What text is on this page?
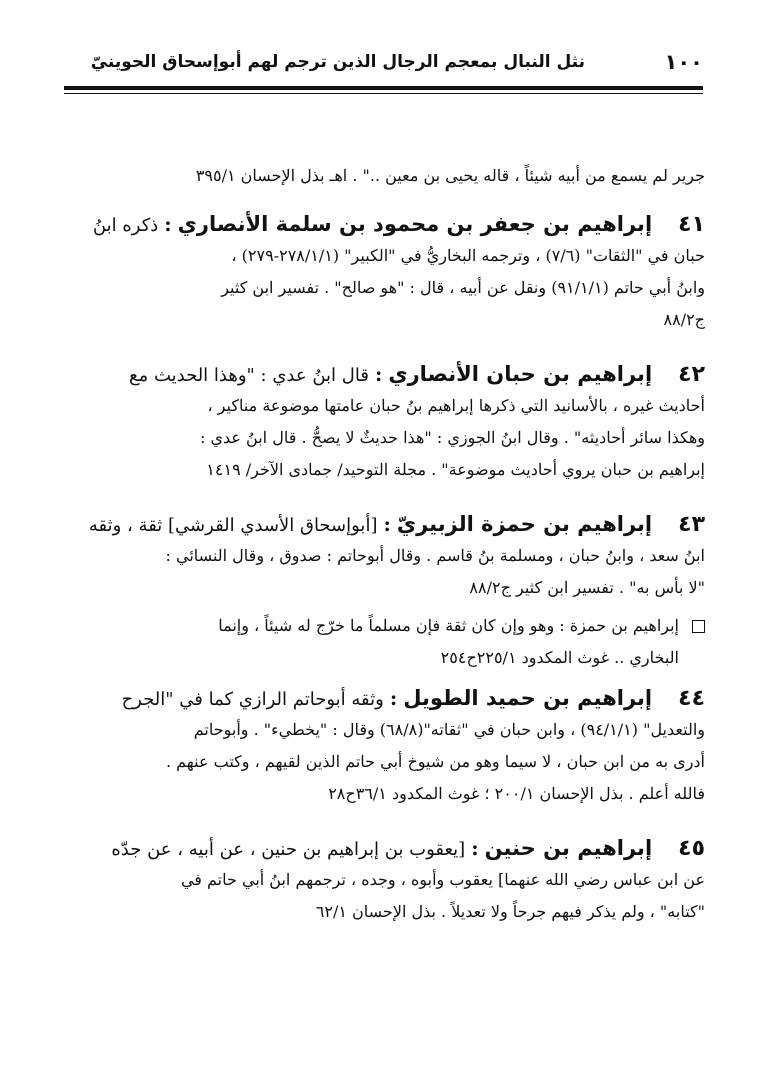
١٠٠
نثل النبال بمعجم الرجال الذين ترجم لهم أبوإسحاق الحوينيّ
جرير لم يسمع من أبيه شيئاً ، قاله يحيى بن معين .." . اهـ بذل الإحسان ٣٩٥/١
٤١إبراهيم بن جعفر بن محمود بن سلمة الأنصاري:ذكره ابنُ
حبان في "الثقات" (٧/٦) ، وترجمه البخاريُّ في "الكبير" (٢٧٨/١/١-٢٧٩) ،
وابنُ أبي حاتم (٩١/١/١) ونقل عن أبيه ، قال : "هو صالح" . تفسير ابن كثير
ج٨٨/٢
٤٢إبراهيم بن حبان الأنصاري:قال ابنُ عدي : "وهذا الحديث مع
أحاديث غيره ، بالأسانيد التي ذكرها إبراهيم بنُ حبان عامتها موضوعة مناكير ،
وهكذا سائر أحاديثه" . وقال ابنُ الجوزي : "هذا حديثٌ لا يصحُّ . قال ابنُ عدي :
إبراهيم بن حبان يروي أحاديث موضوعة" . مجلة التوحيد/ جمادى الآخر/ ١٤١٩
٤٣إبراهيم بن حمزة الزبيريّ:[أبوإسحاق الأسدي القرشي] ثقة ، وثقه
ابنُ سعد ، وابنُ حبان ، ومسلمة بنُ قاسم . وقال أبوحاتم : صدوق ، وقال النسائي :
"لا بأس به" . تفسير ابن كثير ج٨٨/٢
إبراهيم بن حمزة : وهو وإن كان ثقة فإن مسلماً ما خرّج له شيئاً ، وإنما
البخاري .. غوث المكدود ٢٢٥/١ح٢٥٤
٤٤إبراهيم بن حميد الطويل:وثقه أبوحاتم الرازي كما في "الجرح
والتعديل" (٩٤/١/١) ، وابن حبان في "ثقاته"(٦٨/٨) وقال : "يخطيء" . وأبوحاتم
أدرى به من ابن حبان ، لا سيما وهو من شيوخ أبي حاتم الذين لقيهم ، وكتب عنهم .
فالله أعلم . بذل الإحسان ٢٠٠/١ ؛ غوث المكدود ٣٦/١ح٢٨
٤٥إبراهيم بن حنين:[يعقوب بن إبراهيم بن حنين ، عن أبيه ، عن جدّه
عن ابن عباس رضي الله عنهما] يعقوب وأبوه ، وجده ، ترجمهم ابنُ أبي حاتم في
"كتابه" ، ولم يذكر فيهم جرحاً ولا تعديلاً . بذل الإحسان ٦٢/١
